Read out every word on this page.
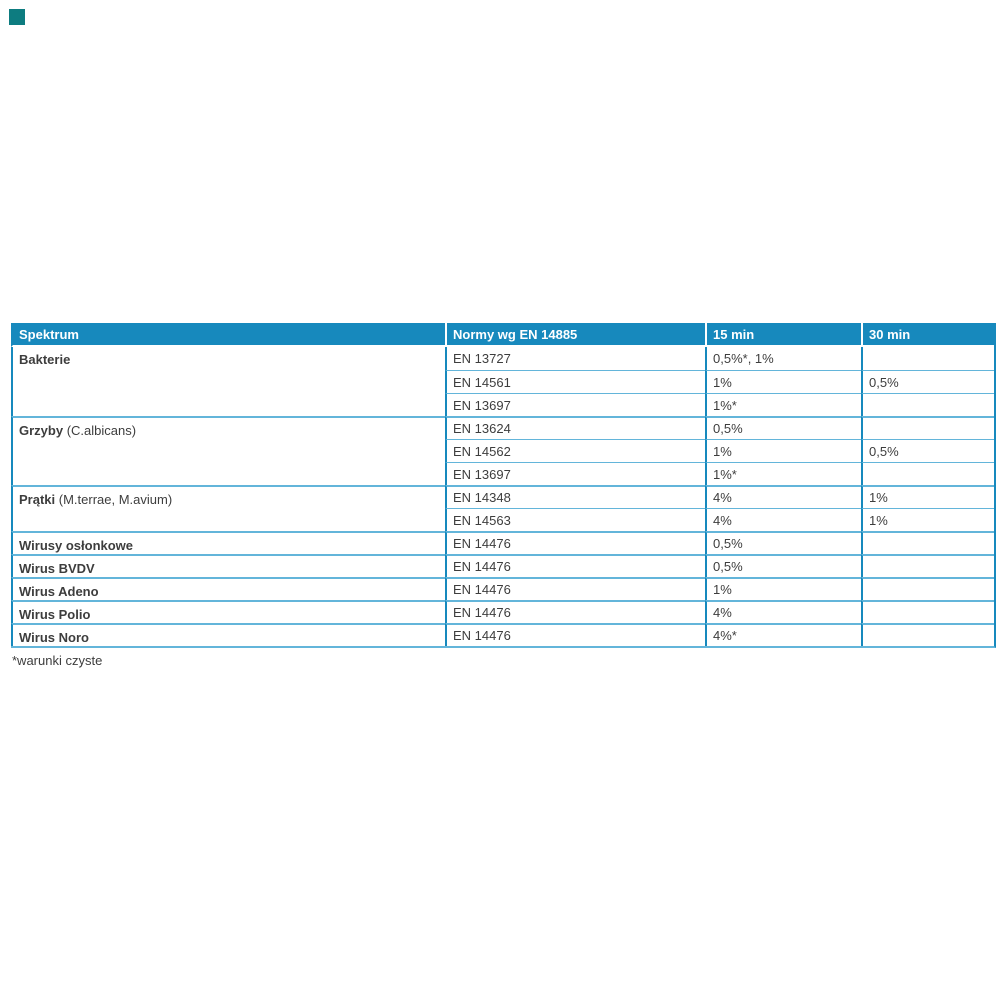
Spektrum	Normy wg EN 14885	15 min	30 min
Bakterie	EN 13727	0,5%*, 1%	
	EN 14561	1%	0,5%
	EN 13697	1%*	
Grzyby (C.albicans)	EN 13624	0,5%	
	EN 14562	1%	0,5%
	EN 13697	1%*	
Prątki (M.terrae, M.avium)	EN 14348	4%	1%
	EN 14563	4%	1%
Wirusy osłonkowe	EN 14476	0,5%	
Wirus BVDV	EN 14476	0,5%	
Wirus Adeno	EN 14476	1%	
Wirus Polio	EN 14476	4%	
Wirus Noro	EN 14476	4%*	
*warunki czyste
